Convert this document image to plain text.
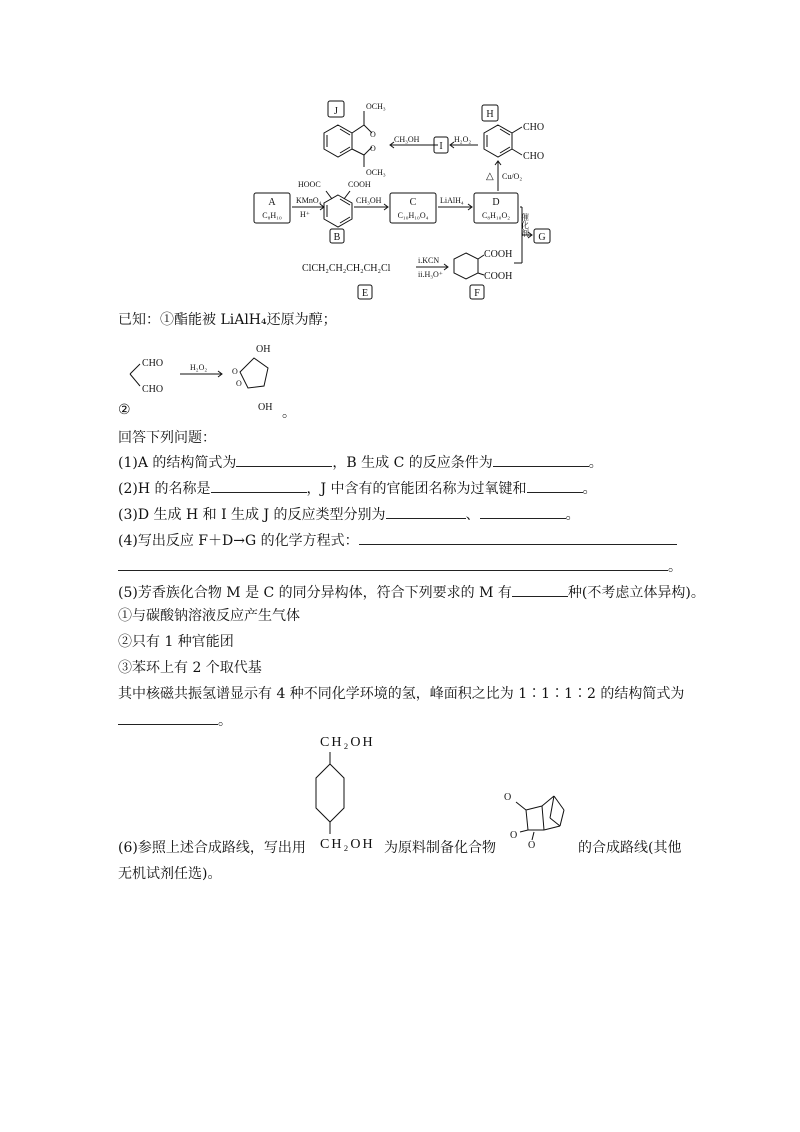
J	OCH₃
OCH₃
O
O
CH₃OH
I
H₂O₂
H
CHO
CHO
△ Cu/O₂
A
C₈H₁₀
KMnO₄
H⁺
HOOC	COOH
B
CH₃OH	C
C₁₀H₁₀O₄
LiAlH₄	D
C₈H₁₀O₂ 催化剂
G
ClCH₂CH₂CH₂CH₂Cl
i.KCN
ii.H₃O⁺
COOH
COOH
E	F
已知：①酯能被 LiAlH₄还原为醇；
CHO
CHO
H₂O₂
OH
OH
O
O
②	。
回答下列问题：
(1)A 的结构简式为	，B 生成 C 的反应条件为	。
(2)H 的名称是	，J 中含有的官能团名称为过氧键和	。
(3)D 生成 H 和 I 生成 J 的反应类型分别为	、	。
(4)写出反应 F＋D→G 的化学方程式：
。
(5)芳香族化合物 M 是 C 的同分异构体，符合下列要求的 M 有	种(不考虑立体异构)。
①与碳酸钠溶液反应产生气体
②只有 1 种官能团
③苯环上有 2 个取代基
其中核磁共振氢谱显示有 4 种不同化学环境的氢，峰面积之比为 1∶1∶1∶2 的结构简式为
。
CH₂OH
CH₂OH
O
O
O
(6)参照上述合成路线，写出用	为原料制备化合物	的合成路线(其他
无机试剂任选)。
